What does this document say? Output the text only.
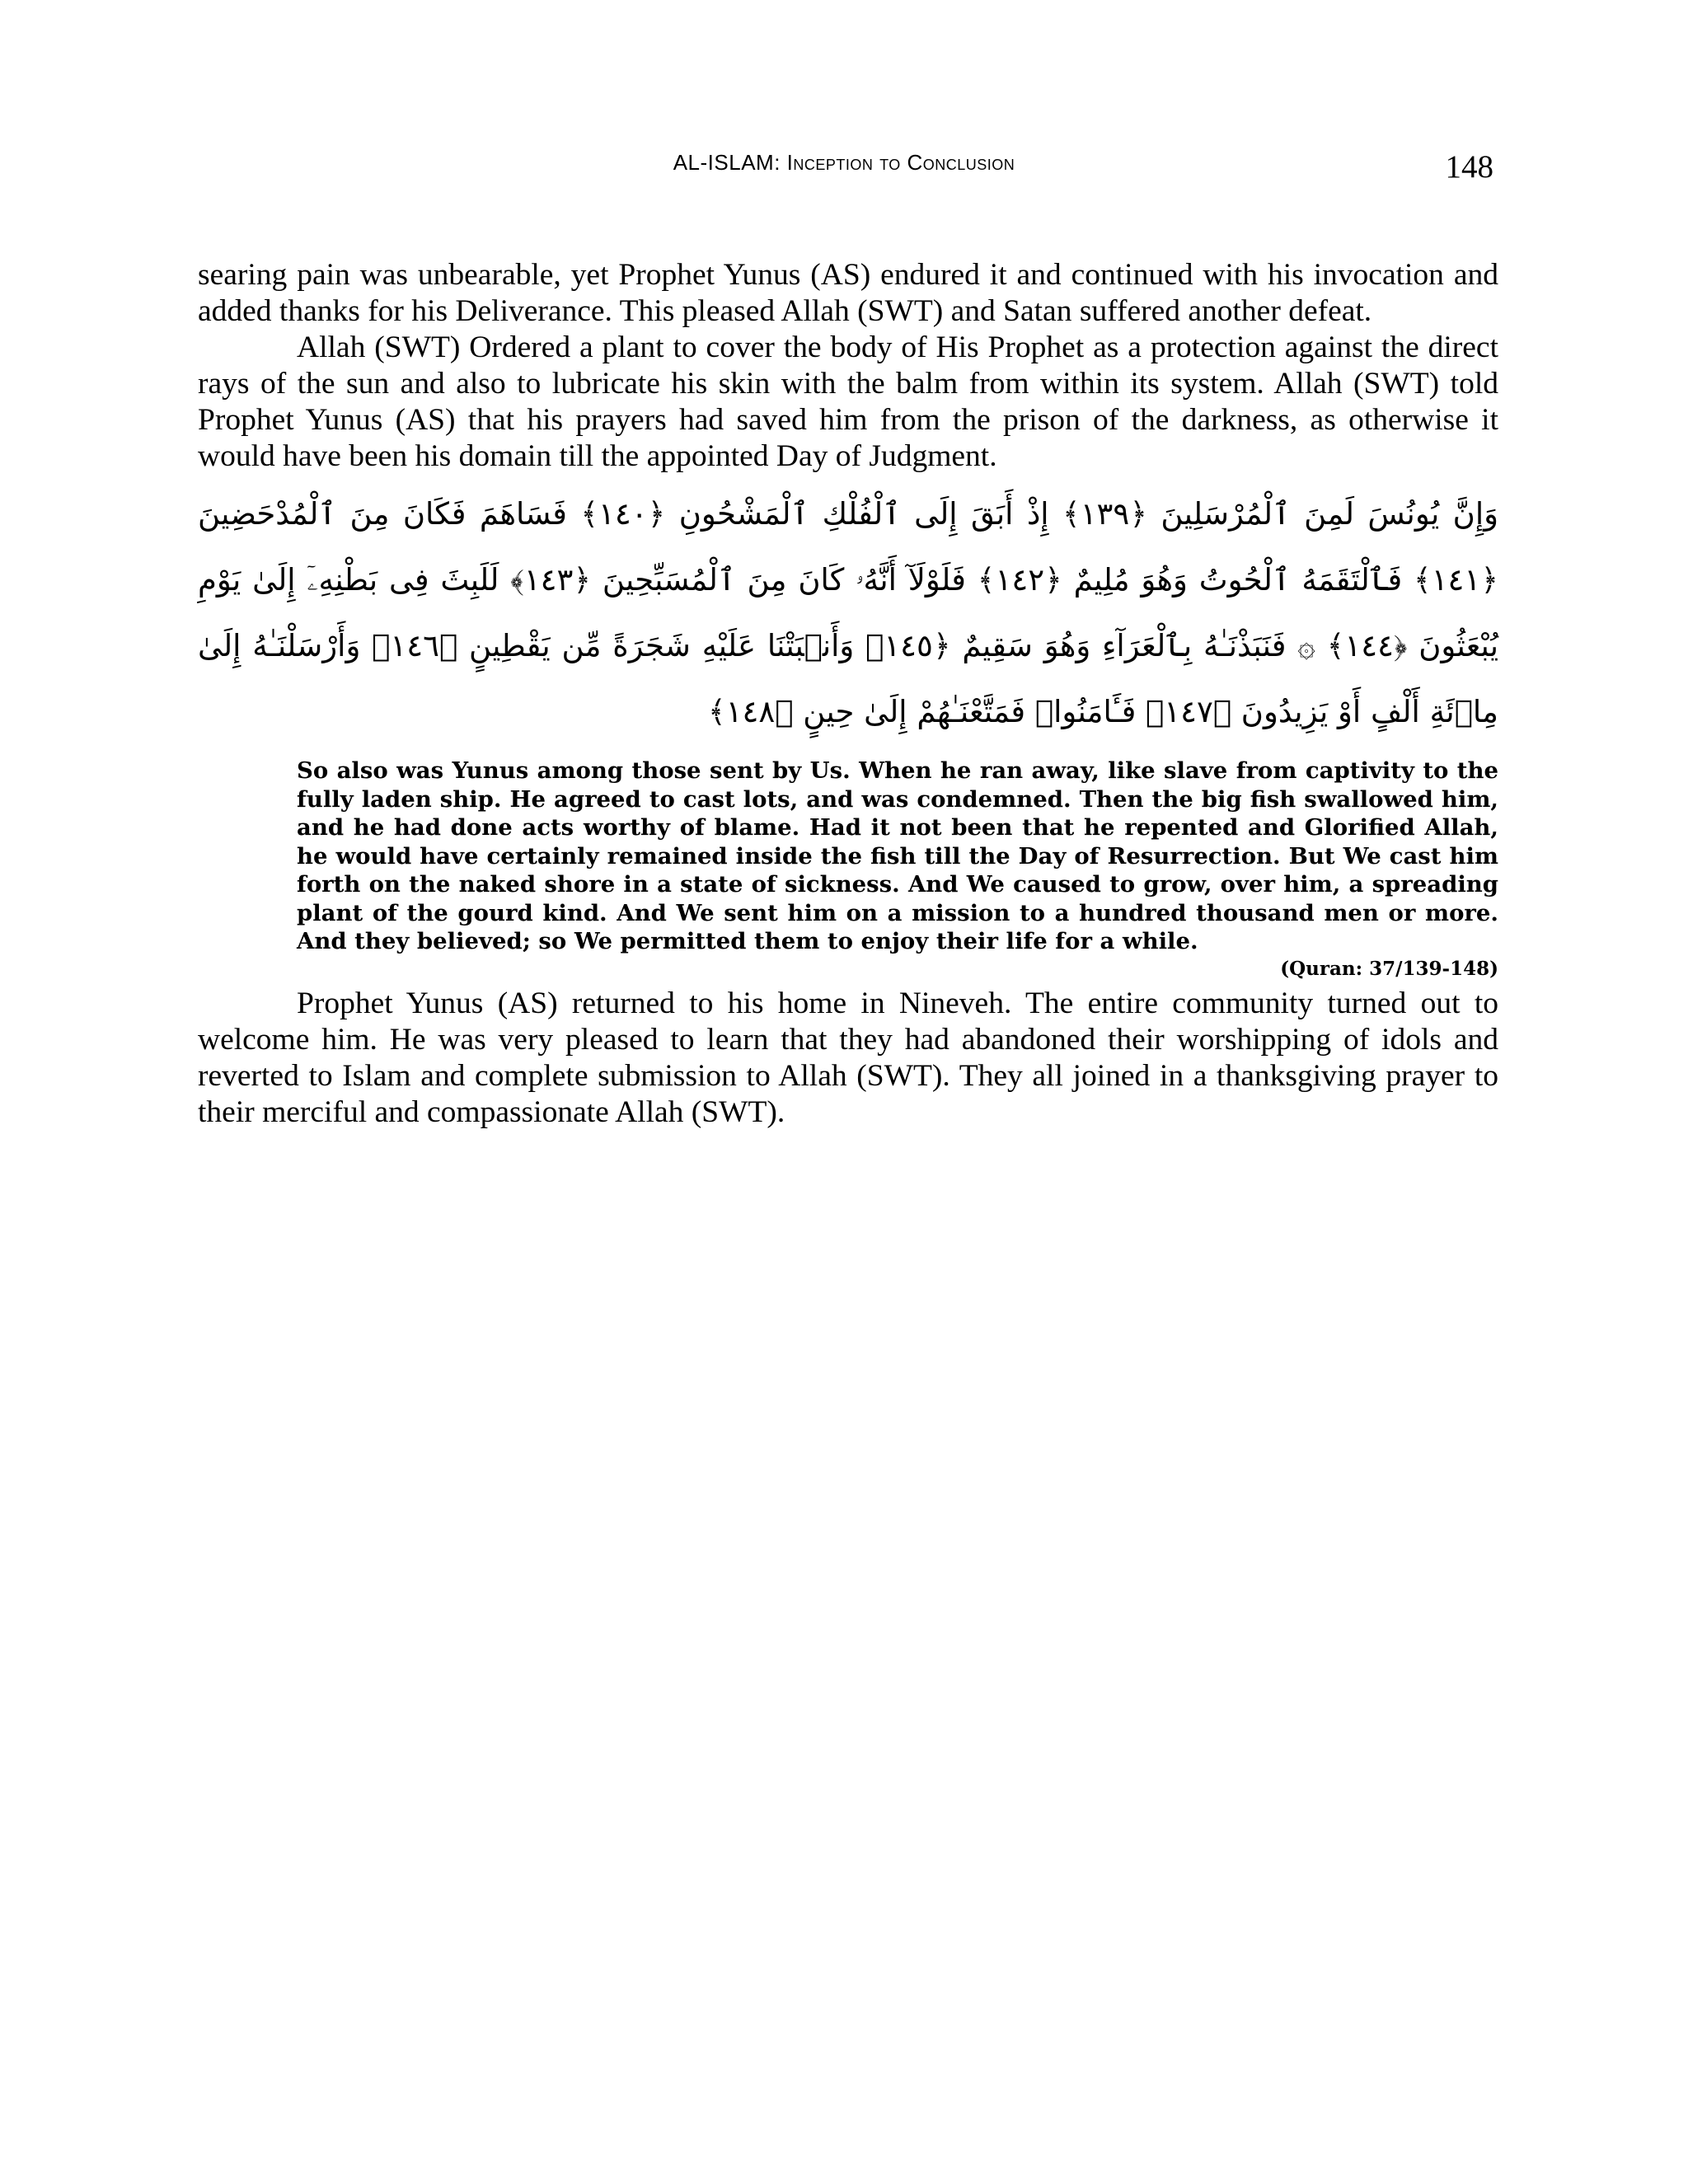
AL-ISLAM: Inception to Conclusion	148

searing pain was unbearable, yet Prophet Yunus (AS) endured it and continued with his invocation and added thanks for his Deliverance. This pleased Allah (SWT) and Satan suffered another defeat.

Allah (SWT) Ordered a plant to cover the body of His Prophet as a protection against the direct rays of the sun and also to lubricate his skin with the balm from within its system. Allah (SWT) told Prophet Yunus (AS) that his prayers had saved him from the prison of the darkness, as otherwise it would have been his domain till the appointed Day of Judgment.

وَإِنَّ يُونُسَ لَمِنَ ٱلْمُرْسَلِينَ ﴿١٣٩﴾ إِذْ أَبَقَ إِلَى ٱلْفُلْكِ ٱلْمَشْحُونِ ﴿١٤٠﴾ فَسَاهَمَ فَكَانَ مِنَ ٱلْمُدْحَضِينَ ﴿١٤١﴾ فَٱلْتَقَمَهُ ٱلْحُوتُ وَهُوَ مُلِيمٌ ﴿١٤٢﴾ فَلَوْلَآ أَنَّهُۥ كَانَ مِنَ ٱلْمُسَبِّحِينَ ﴿١٤٣﴾ لَلَبِثَ فِى بَطْنِهِۦٓ إِلَىٰ يَوْمِ يُبْعَثُونَ ﴿١٤٤﴾ ۞ فَنَبَذْنَـٰهُ بِٱلْعَرَآءِ وَهُوَ سَقِيمٌ ﴿١٤٥﴾ وَأَنۢبَتْنَا عَلَيْهِ شَجَرَةً مِّن يَقْطِينٍ ﴿١٤٦﴾ وَأَرْسَلْنَـٰهُ إِلَىٰ مِا۟ئَةِ أَلْفٍ أَوْ يَزِيدُونَ ﴿١٤٧﴾ فَـَٔامَنُوا۟ فَمَتَّعْنَـٰهُمْ إِلَىٰ حِينٍ ﴿١٤٨﴾

So also was Yunus among those sent by Us. When he ran away, like slave from captivity to the fully laden ship. He agreed to cast lots, and was condemned. Then the big fish swallowed him, and he had done acts worthy of blame. Had it not been that he repented and Glorified Allah, he would have certainly remained inside the fish till the Day of Resurrection. But We cast him forth on the naked shore in a state of sickness. And We caused to grow, over him, a spreading plant of the gourd kind. And We sent him on a mission to a hundred thousand men or more. And they believed; so We permitted them to enjoy their life for a while.

(Quran: 37/139-148)

Prophet Yunus (AS) returned to his home in Nineveh. The entire community turned out to welcome him. He was very pleased to learn that they had abandoned their worshipping of idols and reverted to Islam and complete submission to Allah (SWT). They all joined in a thanksgiving prayer to their merciful and compassionate Allah (SWT).
